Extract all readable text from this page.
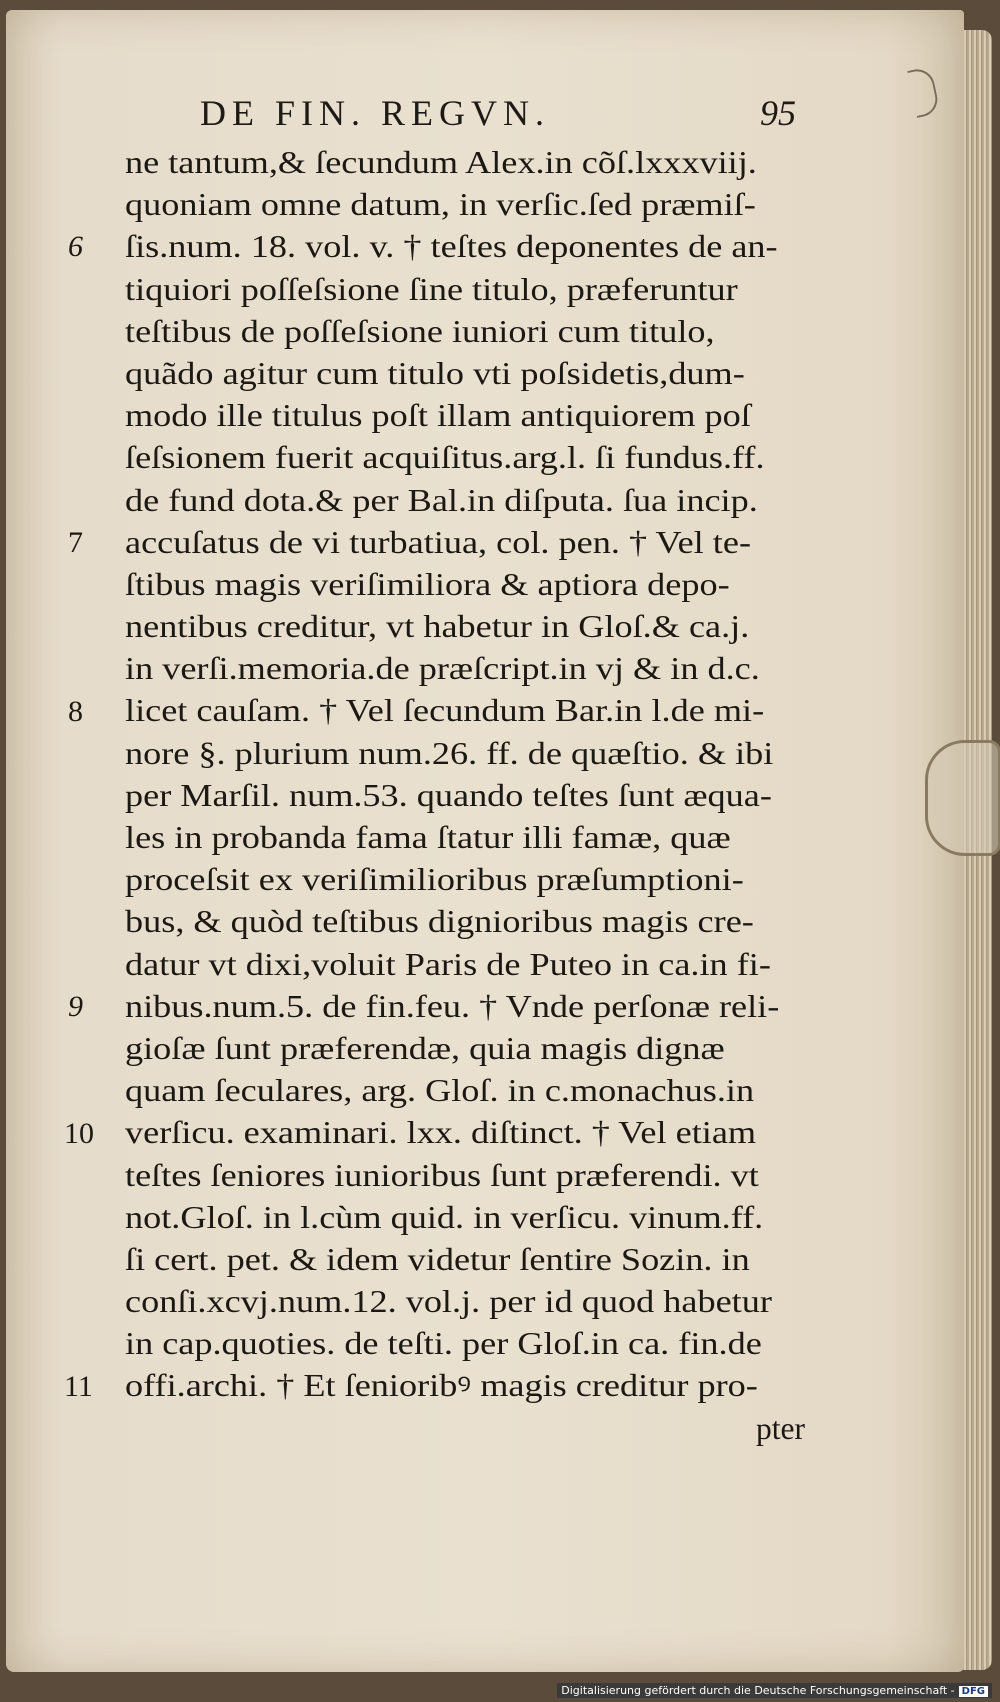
DE FIN. REGVN.	95
ne tantum,& ſecundum Alex.in cõſ.lxxxviij.
quoniam omne datum, in verſic.ſed præmiſ-
ſis.num. 18. vol. v. † teſtes deponentes de an-
tiquiori poſſeſsione ſine titulo, præferuntur
teſtibus de poſſeſsione iuniori cum titulo,
quãdo agitur cum titulo vti poſsidetis,dum-
modo ille titulus poſt illam antiquiorem poſ
ſeſsionem fuerit acquiſitus.arg.l. ſi fundus.ff.
de fund dota.& per Bal.in diſputa. ſua incip.
accuſatus de vi turbatiua, col. pen. † Vel te-
ſtibus magis veriſimiliora & aptiora depo-
nentibus creditur, vt habetur in Gloſ.& ca.j.
in verſi.memoria.de præſcript.in vj & in d.c.
licet cauſam. † Vel ſecundum Bar.in l.de mi-
nore §. plurium num.26. ff. de quæſtio. & ibi
per Marſil. num.53. quando teſtes ſunt æqua-
les in probanda fama ſtatur illi famæ, quæ
proceſsit ex veriſimilioribus præſumptioni-
bus, & quòd teſtibus dignioribus magis cre-
datur vt dixi,voluit Paris de Puteo in ca.in fi-
nibus.num.5. de fin.feu. † Vnde perſonæ reli-
gioſæ ſunt præferendæ, quia magis dignæ
quam ſeculares, arg. Gloſ. in c.monachus.in
verſicu. examinari. lxx. diſtinct. † Vel etiam
teſtes ſeniores iunioribus ſunt præferendi. vt
not.Gloſ. in l.cùm quid. in verſicu. vinum.ff.
ſi cert. pet. & idem videtur ſentire Sozin. in
conſi.xcvj.num.12. vol.j. per id quod habetur
in cap.quoties. de teſti. per Gloſ.in ca. fin.de
offi.archi. † Et ſenioribꝰ magis creditur pro-
pter
6
7
8
9
10
11
Digitalisierung gefördert durch die Deutsche Forschungsgemeinschaft - DFG
